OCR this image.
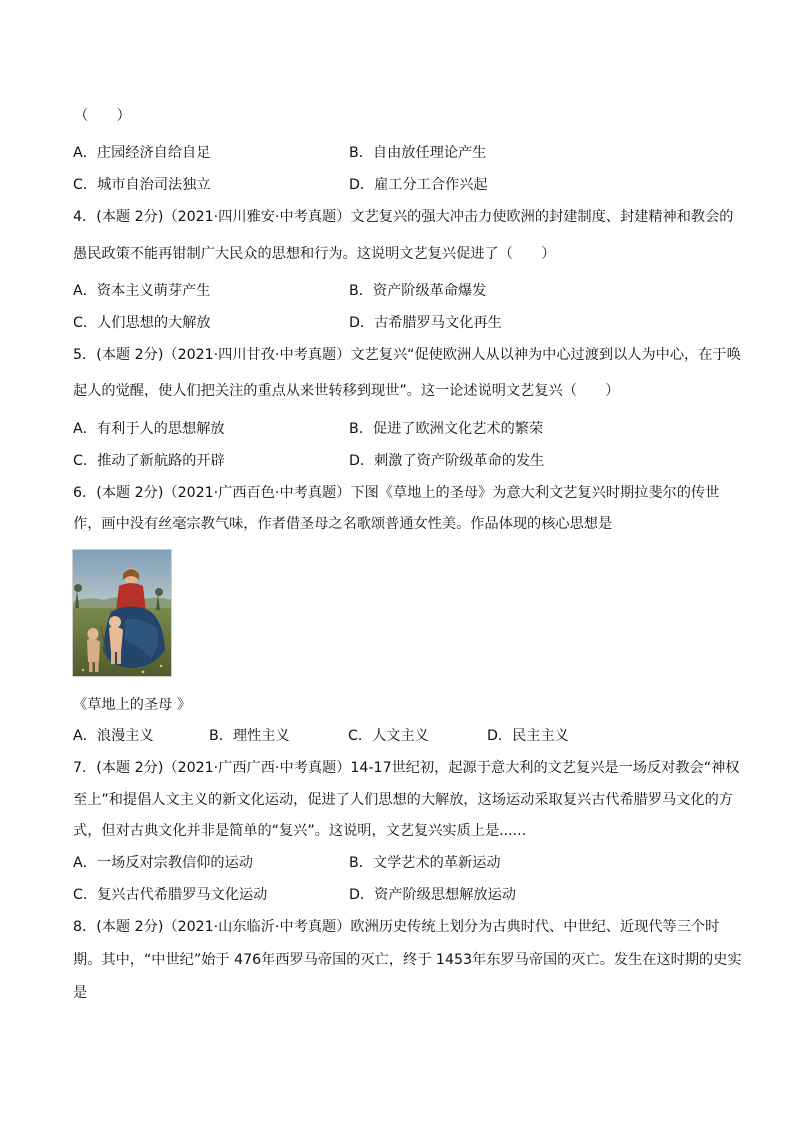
（　　）
A．庄园经济自给自足	B．自由放任理论产生
C．城市自治司法独立	D．雇工分工合作兴起
4．(本题 2分)（2021·四川雅安·中考真题）文艺复兴的强大冲击力使欧洲的封建制度、封建精神和教会的
愚民政策不能再钳制广大民众的思想和行为。这说明文艺复兴促进了（　　）
A．资本主义萌芽产生	B．资产阶级革命爆发
C．人们思想的大解放	D．古希腊罗马文化再生
5．(本题 2分)（2021·四川甘孜·中考真题）文艺复兴“促使欧洲人从以神为中心过渡到以人为中心，在于唤
起人的觉醒，使人们把关注的重点从来世转移到现世”。这一论述说明文艺复兴（　　）
A．有利于人的思想解放	B．促进了欧洲文化艺术的繁荣
C．推动了新航路的开辟	D．刺激了资产阶级革命的发生
6．(本题 2分)（2021·广西百色·中考真题）下图《草地上的圣母》为意大利文艺复兴时期拉斐尔的传世
作，画中没有丝毫宗教气味，作者借圣母之名歌颂普通女性美。作品体现的核心思想是
《草地上的圣母 》
A．浪漫主义	B．理性主义	C．人文主义	D．民主主义
7．(本题 2分)（2021·广西广西·中考真题）14-17世纪初，起源于意大利的文艺复兴是一场反对教会“神权
至上”和提倡人文主义的新文化运动，促进了人们思想的大解放，这场运动采取复兴古代希腊罗马文化的方
式，但对古典文化并非是简单的“复兴”。这说明，文艺复兴实质上是......
A．一场反对宗教信仰的运动	B．文学艺术的革新运动
C．复兴古代希腊罗马文化运动	D．资产阶级思想解放运动
8．(本题 2分)（2021·山东临沂·中考真题）欧洲历史传统上划分为古典时代、中世纪、近现代等三个时
期。其中，“中世纪”始于 476年西罗马帝国的灭亡，终于 1453年东罗马帝国的灭亡。发生在这时期的史实
是
